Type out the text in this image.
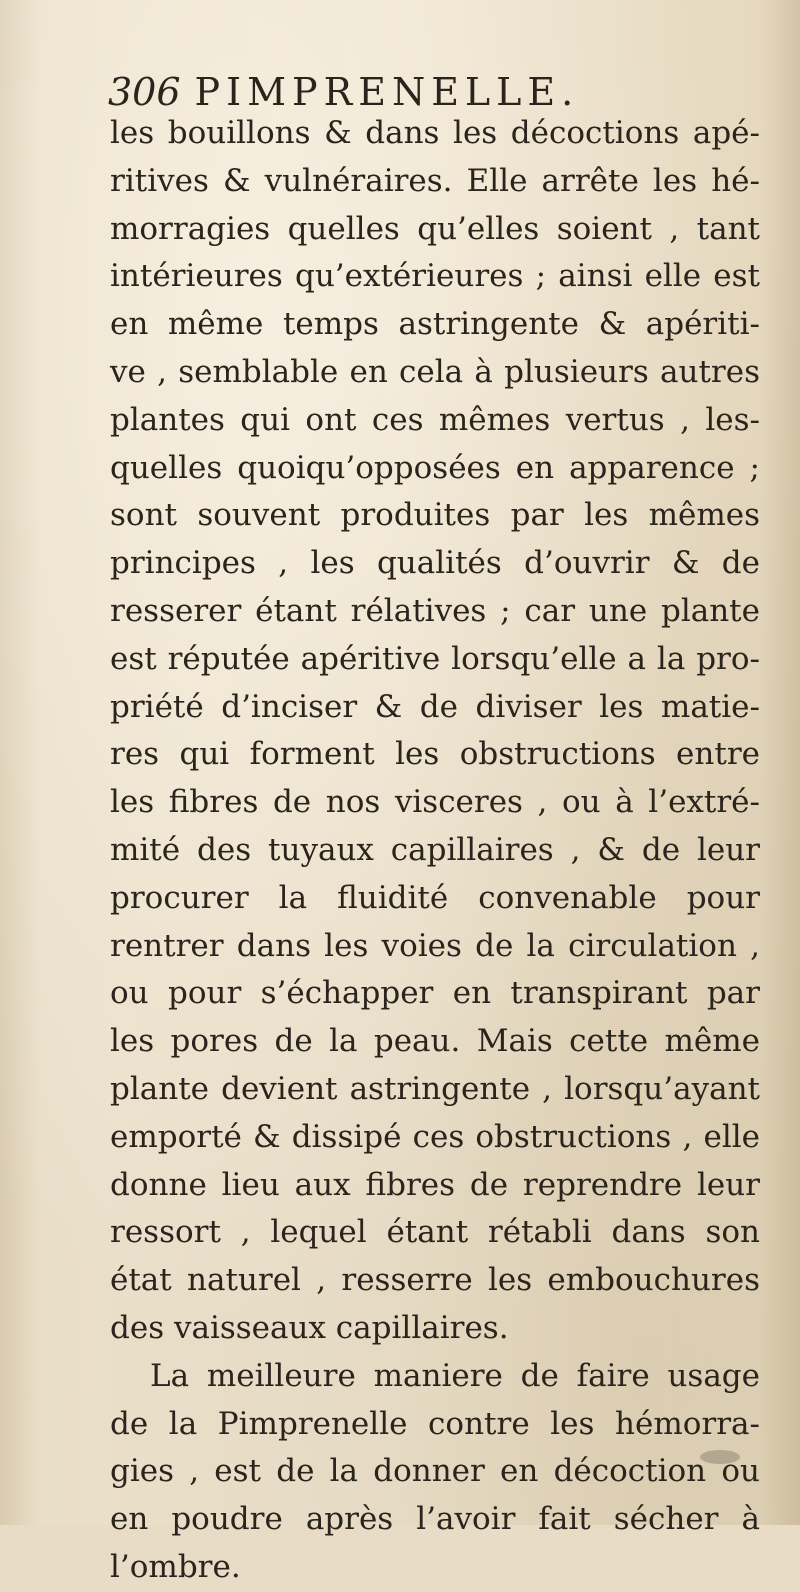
306 PIMPRENELLE.
les bouillons & dans les décoctions apé-
ritives & vulnéraires. Elle arrête les hé-
morragies quelles qu’elles soient , tant
intérieures qu’extérieures ; ainsi elle est
en même temps astringente & apériti-
ve , semblable en cela à plusieurs autres
plantes qui ont ces mêmes vertus , les-
quelles quoiqu’opposées en apparence ;
sont souvent produites par les mêmes
principes , les qualités d’ouvrir & de
resserer étant rélatives ; car une plante
est réputée apéritive lorsqu’elle a la pro-
priété d’inciser & de diviser les matie-
res qui forment les obstructions entre
les fibres de nos visceres , ou à l’extré-
mité des tuyaux capillaires , & de leur
procurer la fluidité convenable pour
rentrer dans les voies de la circulation ,
ou pour s’échapper en transpirant par
les pores de la peau. Mais cette même
plante devient astringente , lorsqu’ayant
emporté & dissipé ces obstructions , elle
donne lieu aux fibres de reprendre leur
ressort , lequel étant rétabli dans son
état naturel , resserre les embouchures
des vaisseaux capillaires.
La meilleure maniere de faire usage
de la Pimprenelle contre les hémorra-
gies , est de la donner en décoction ou
en poudre après l’avoir fait sécher à
l’ombre.
